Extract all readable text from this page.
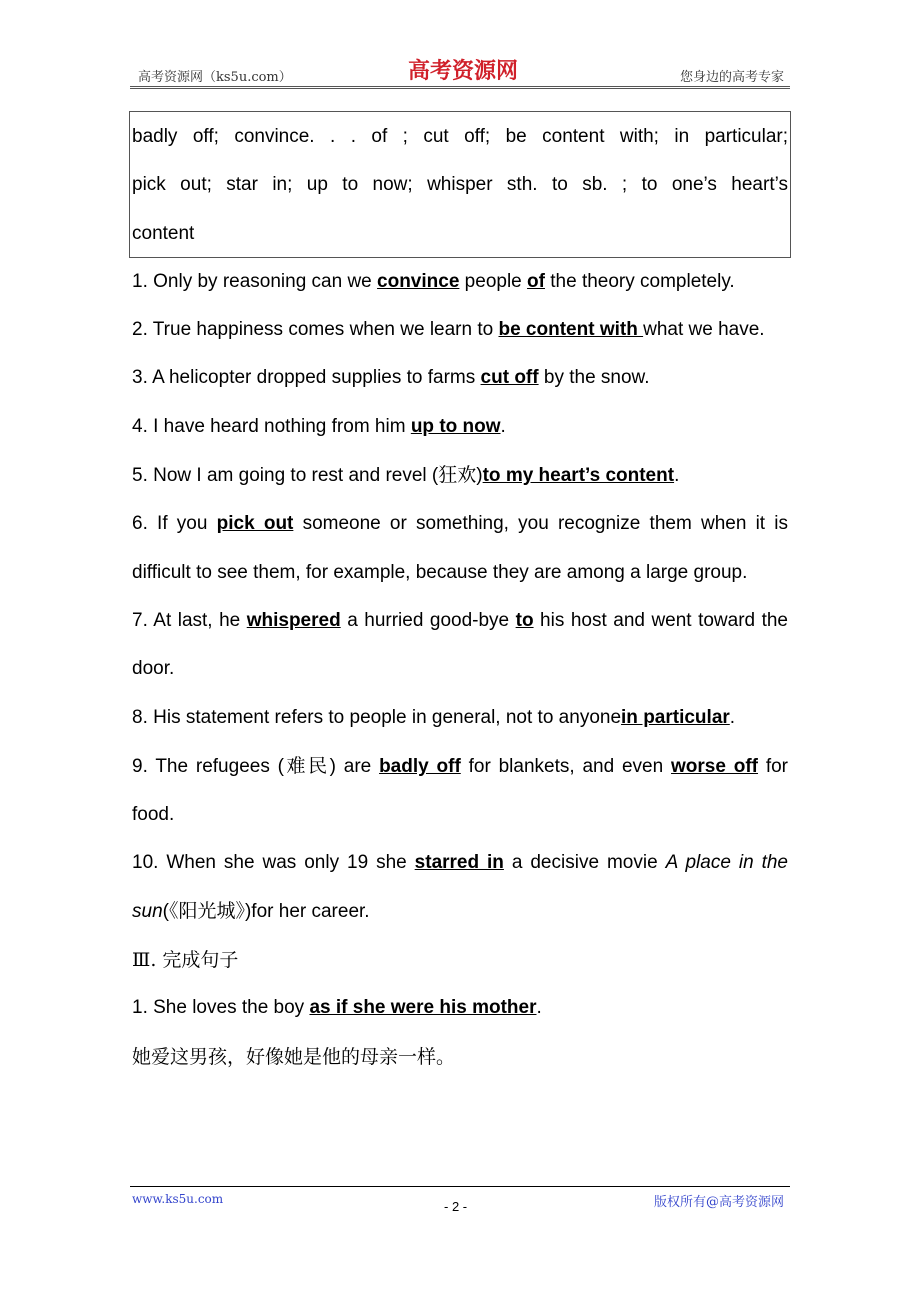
高考资源网（ks5u.com）	高考资源网	您身边的高考专家
badly off; convince. . . of ; cut off; be content with; in particular;
pick out; star in; up to now; whisper sth. to sb. ; to one’s heart’s
content

1. Only by reasoning can we convince people of the theory completely.

2. True happiness comes when we learn to be content with what we have.

3. A helicopter dropped supplies to farms cut off by the snow.

4. I have heard nothing from him up to now.

5. Now I am going to rest and revel (狂欢)to my heart’s content.

6. If you pick out someone or something, you recognize them when it is difficult to see them, for example, because they are among a large group.

7. At last, he whispered a hurried good-bye to his host and went toward the door.

8. His statement refers to people in general, not to anyonein particular.

9. The refugees (难民) are badly off for blankets, and even worse off for food.

10. When she was only 19 she starred in a decisive movie A place in the sun(《阳光城》)for her career.

Ⅲ. 完成句子

1. She loves the boy as if she were his mother.

她爱这男孩，好像她是他的母亲一样。

www.ks5u.com	- 2 -	版权所有@高考资源网
